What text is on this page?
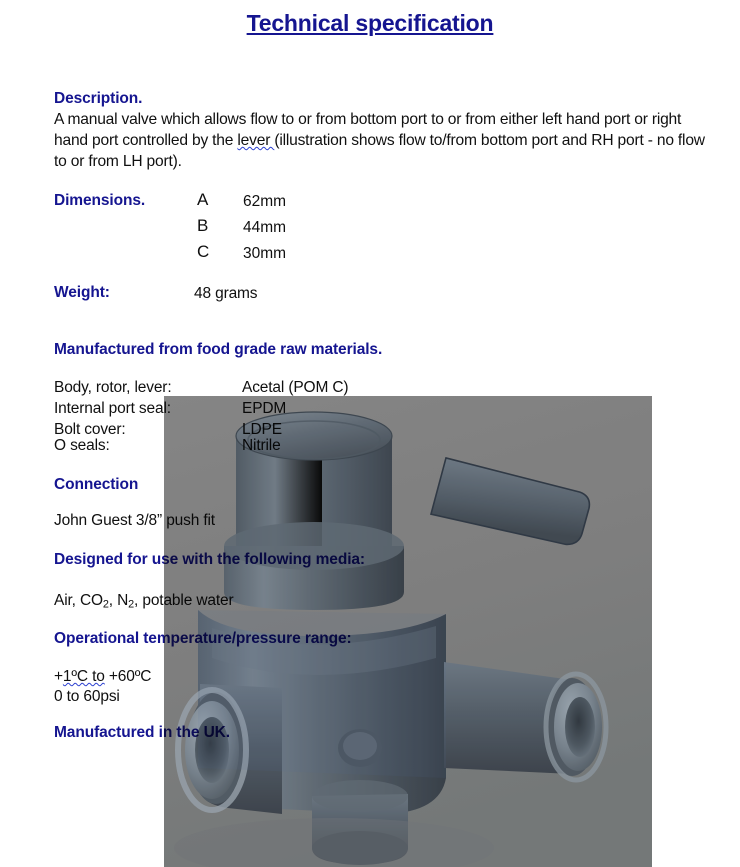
Technical specification
Description.
A manual valve which allows flow to or from bottom port to or from either left hand port or right hand port controlled by the lever (illustration shows flow to/from bottom port and RH port - no flow to or from LH port).
Dimensions.	A 62mm
B 44mm
C 30mm
Weight:	48 grams
Manufactured from food grade raw materials.
Body, rotor, lever:	Acetal (POM C)
Internal port seal:	EPDM
Bolt cover:	LDPE
O seals:	Nitrile
Connection
John Guest 3/8” push fit
Designed for use with the following media:
Air, $CO_2$, $N_2$, potable water
Operational temperature/pressure range:
+1ºC to +60ºC
0 to 60psi
Manufactured in the UK.
